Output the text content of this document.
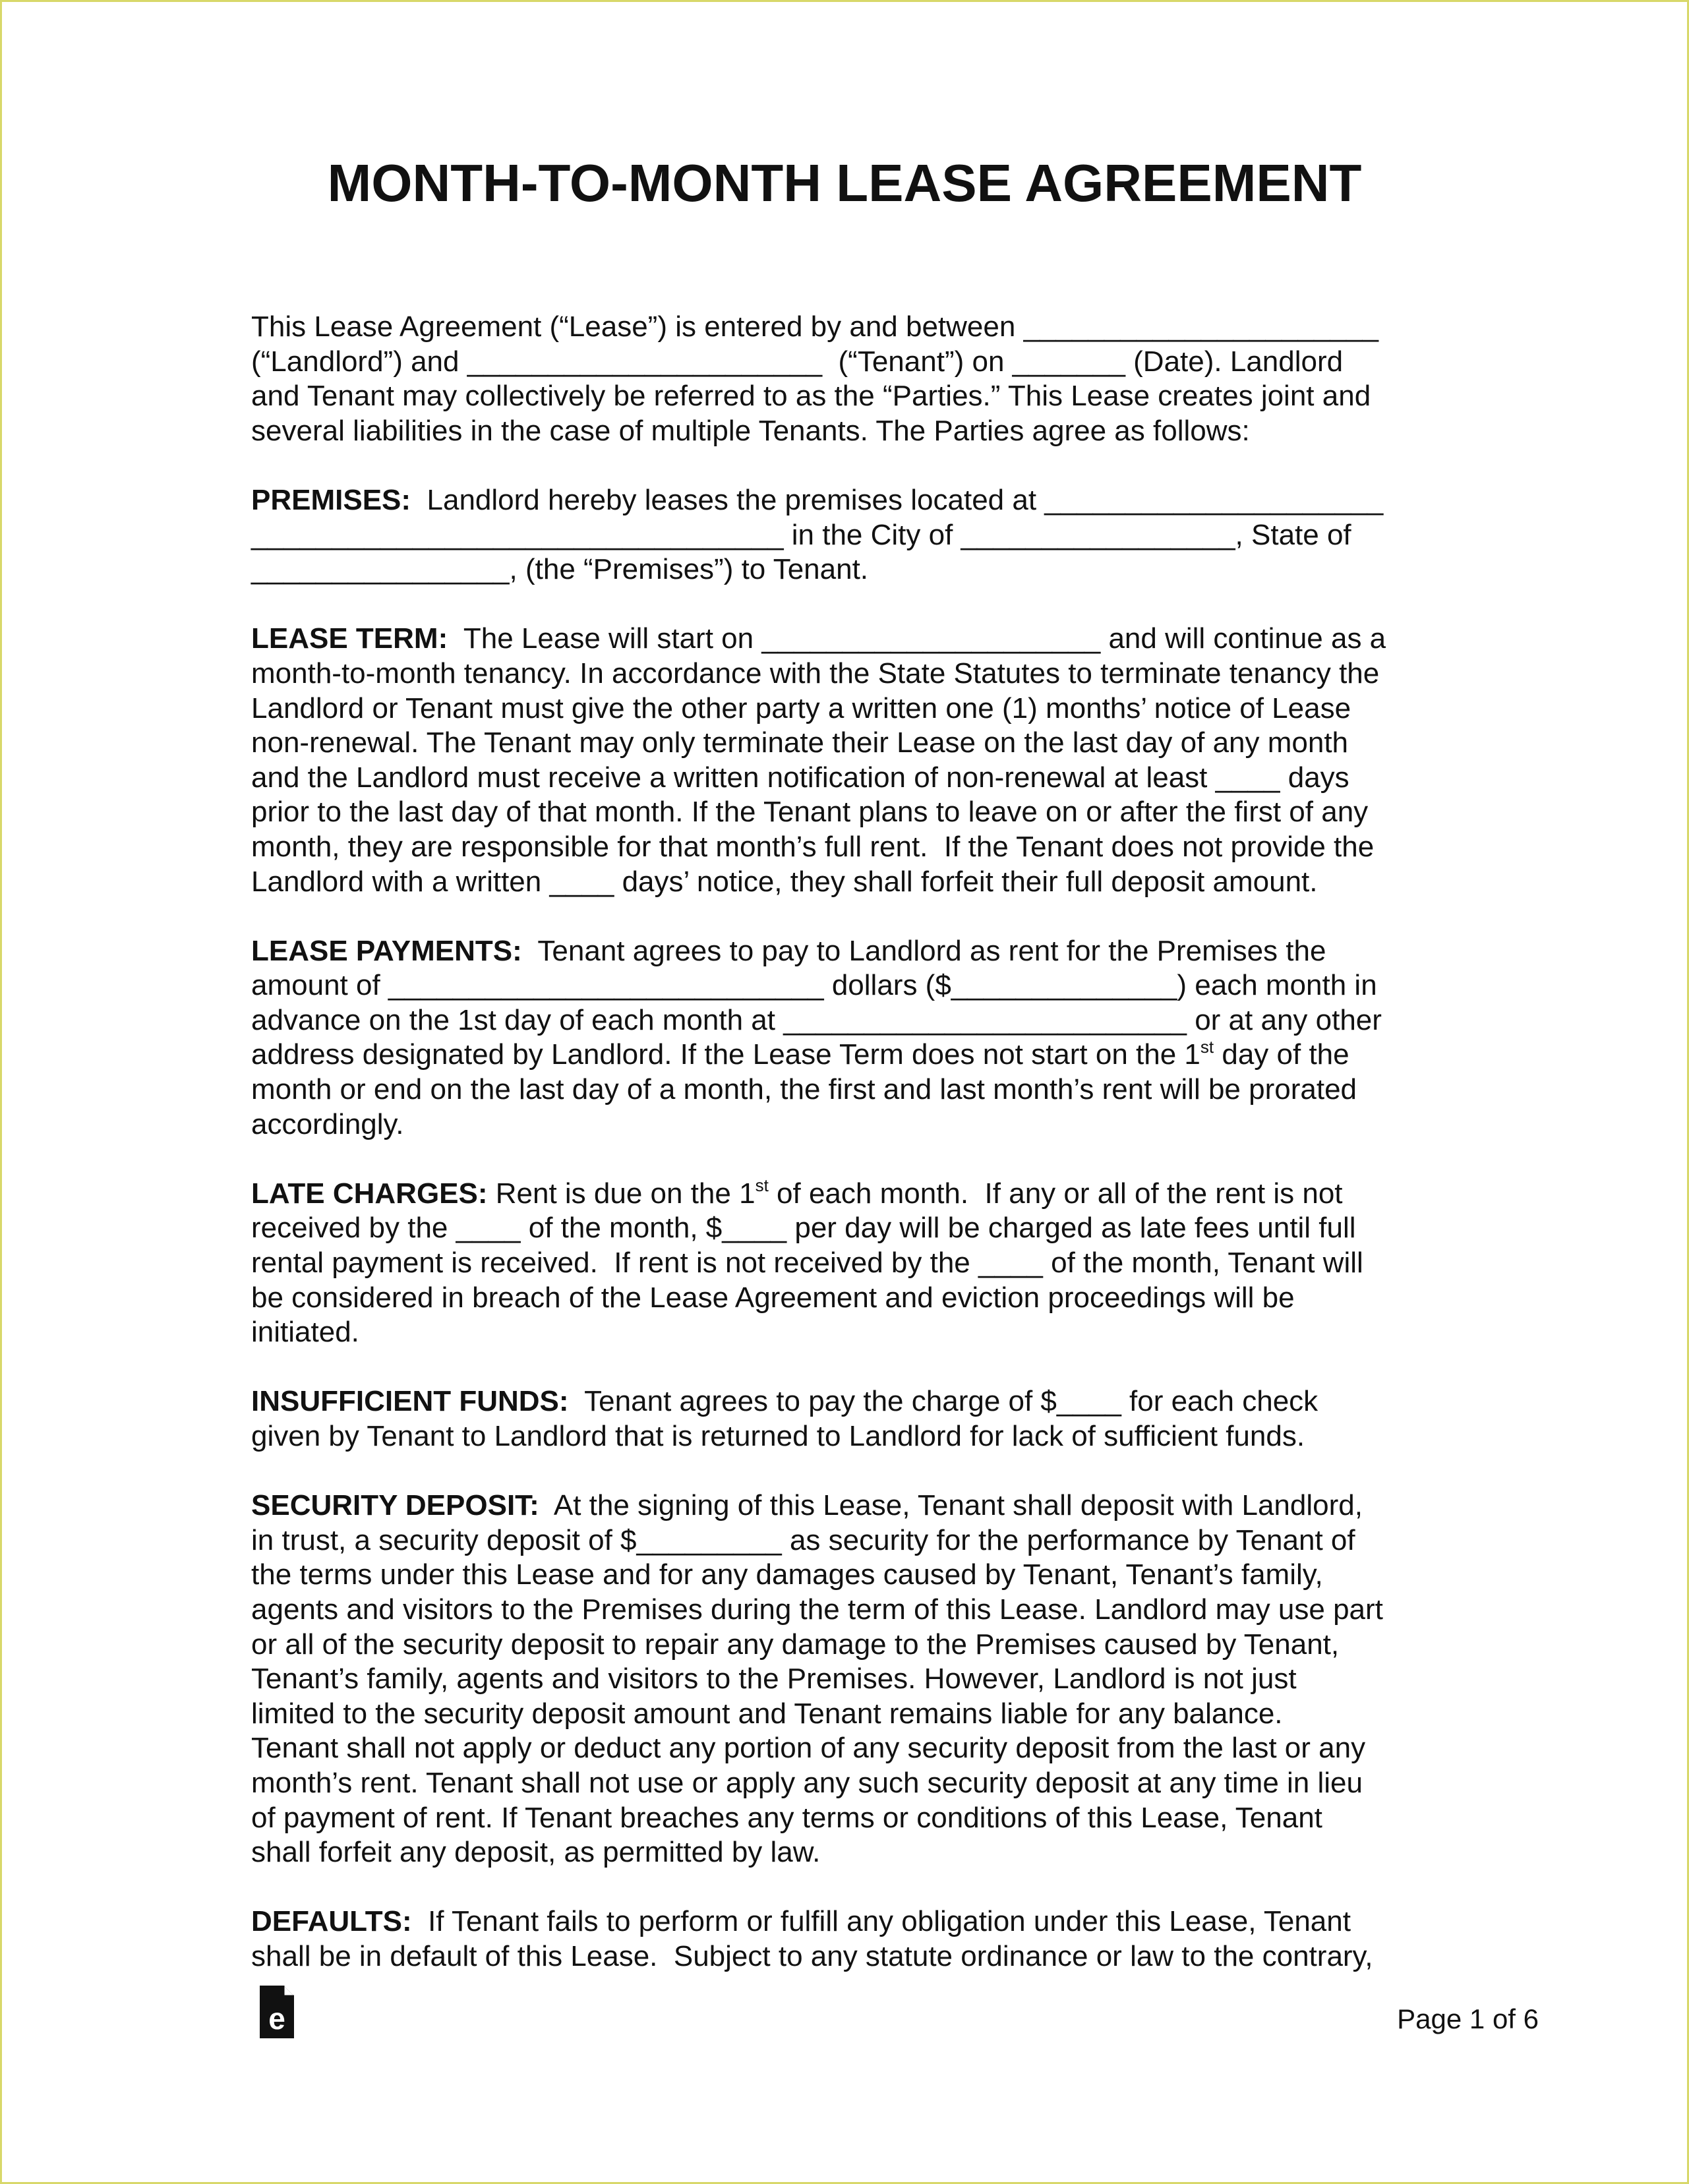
MONTH-TO-MONTH LEASE AGREEMENT
This Lease Agreement (“Lease”) is entered by and between ______________________
(“Landlord”) and ______________________  (“Tenant”) on _______ (Date). Landlord
and Tenant may collectively be referred to as the “Parties.” This Lease creates joint and
several liabilities in the case of multiple Tenants. The Parties agree as follows:
PREMISES:  Landlord hereby leases the premises located at _____________________
_________________________________ in the City of _________________, State of
________________, (the “Premises”) to Tenant.
LEASE TERM:  The Lease will start on _____________________ and will continue as a
month-to-month tenancy. In accordance with the State Statutes to terminate tenancy the
Landlord or Tenant must give the other party a written one (1) months’ notice of Lease
non-renewal. The Tenant may only terminate their Lease on the last day of any month
and the Landlord must receive a written notification of non-renewal at least ____ days
prior to the last day of that month. If the Tenant plans to leave on or after the first of any
month, they are responsible for that month’s full rent.  If the Tenant does not provide the
Landlord with a written ____ days’ notice, they shall forfeit their full deposit amount.
LEASE PAYMENTS:  Tenant agrees to pay to Landlord as rent for the Premises the
amount of ___________________________ dollars ($______________) each month in
advance on the 1st day of each month at _________________________ or at any other
address designated by Landlord. If the Lease Term does not start on the 1st day of the
month or end on the last day of a month, the first and last month’s rent will be prorated
accordingly.
LATE CHARGES: Rent is due on the 1st of each month.  If any or all of the rent is not
received by the ____ of the month, $____ per day will be charged as late fees until full
rental payment is received.  If rent is not received by the ____ of the month, Tenant will
be considered in breach of the Lease Agreement and eviction proceedings will be
initiated.
INSUFFICIENT FUNDS:  Tenant agrees to pay the charge of $____ for each check
given by Tenant to Landlord that is returned to Landlord for lack of sufficient funds.
SECURITY DEPOSIT:  At the signing of this Lease, Tenant shall deposit with Landlord,
in trust, a security deposit of $_________ as security for the performance by Tenant of
the terms under this Lease and for any damages caused by Tenant, Tenant’s family,
agents and visitors to the Premises during the term of this Lease. Landlord may use part
or all of the security deposit to repair any damage to the Premises caused by Tenant,
Tenant’s family, agents and visitors to the Premises. However, Landlord is not just
limited to the security deposit amount and Tenant remains liable for any balance.
Tenant shall not apply or deduct any portion of any security deposit from the last or any
month’s rent. Tenant shall not use or apply any such security deposit at any time in lieu
of payment of rent. If Tenant breaches any terms or conditions of this Lease, Tenant
shall forfeit any deposit, as permitted by law.
DEFAULTS:  If Tenant fails to perform or fulfill any obligation under this Lease, Tenant
shall be in default of this Lease.  Subject to any statute ordinance or law to the contrary,
e	Page 1 of 6
